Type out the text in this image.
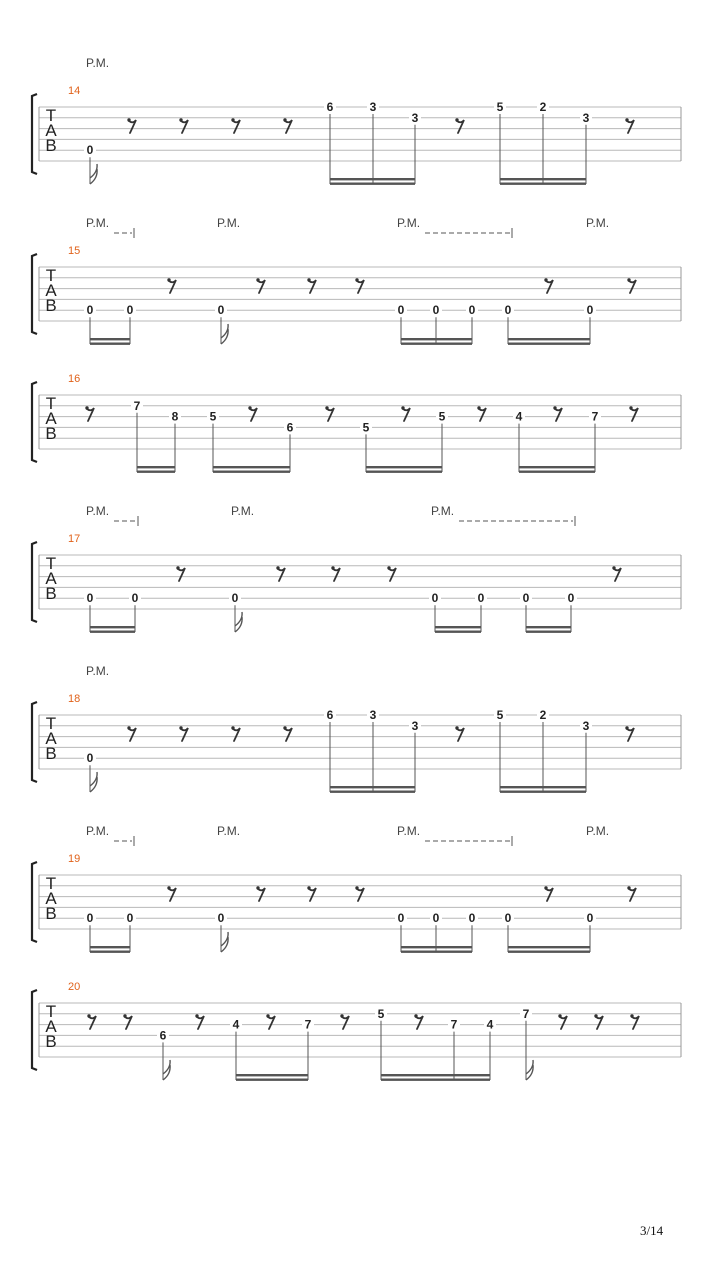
T
A
B
14
P.M.
0
6	3
3
5	2
3
T
A
B
15
P.M.	P.M.	P.M.	P.M.
0	0	0	0 0 0 0	0
T
A
B
16
7
8	5
6	5
5	4	7
T
A
B
17
P.M.	P.M.	P.M.
0	0	0	0	0	0	0
T
A
B
18
P.M.
0
6	3
3
5	2
3
T
A
B
19
P.M.	P.M.	P.M.	P.M.
0	0	0	0 0 0 0	0
T
A
B
20
6
4	7
5
7 4
7
3/14
